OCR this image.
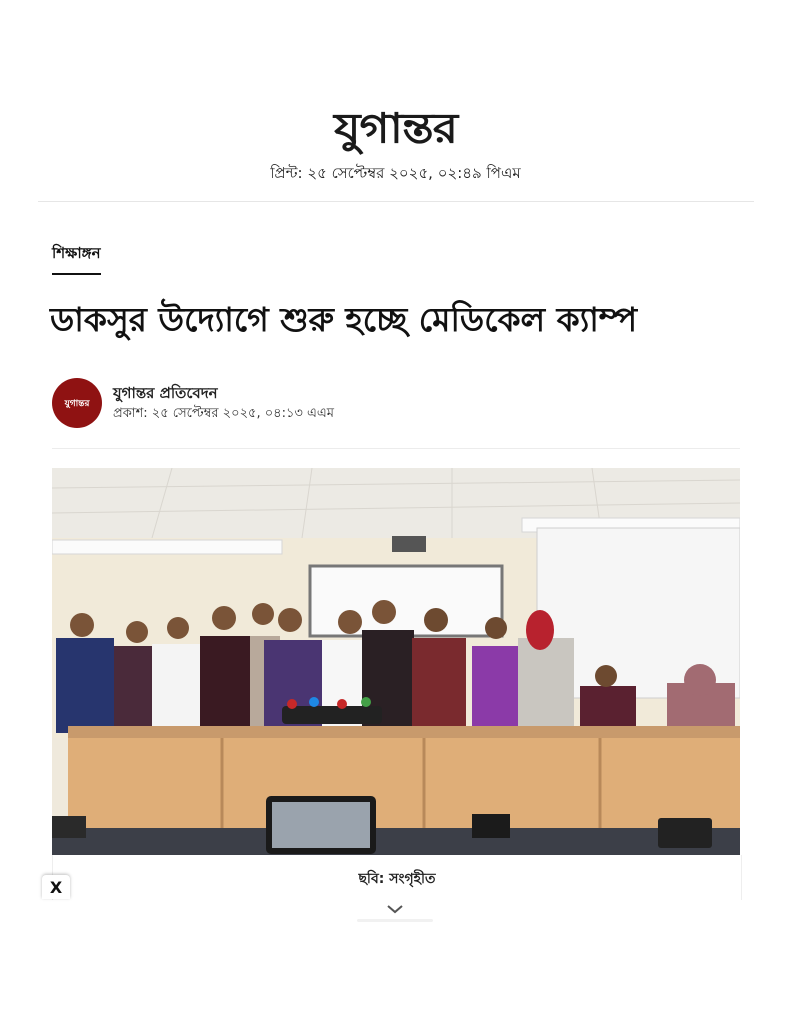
যুগান্তর
প্রিন্ট: ২৫ সেপ্টেম্বর ২০২৫, ০২:৪৯ পিএম
শিক্ষাঙ্গন
ডাকসুর উদ্যোগে শুরু হচ্ছে মেডিকেল ক্যাম্প
যুগান্তর
যুগান্তর প্রতিবেদন
প্রকাশ: ২৫ সেপ্টেম্বর ২০২৫, ০৪:১৩ এএম
ছবি: সংগৃহীত
X
